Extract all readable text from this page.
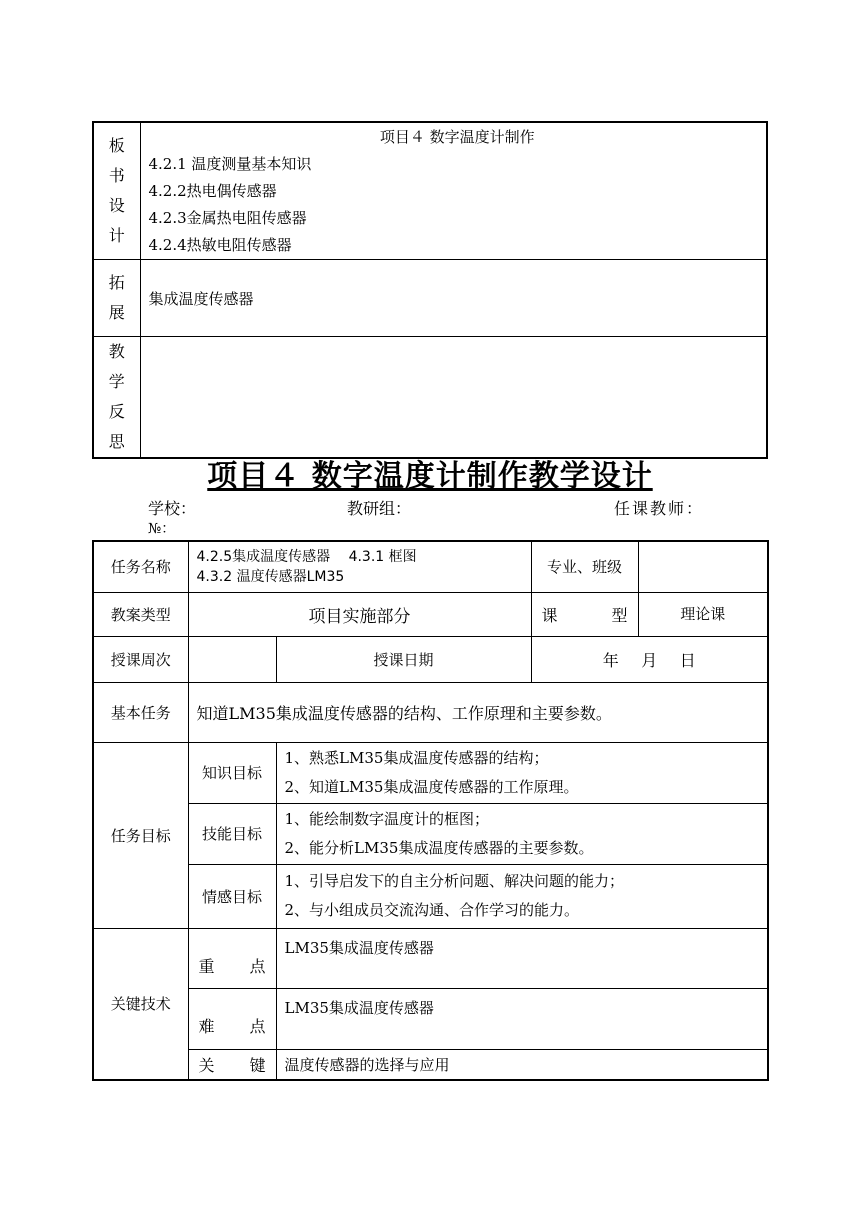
板书设计	项目４ 数字温度计制作
4.2.1 温度测量基本知识
4.2.2热电偶传感器
4.2.3金属热电阻传感器
4.2.4热敏电阻传感器

拓展	集成温度传感器

教学反思	

项目４ 数字温度计制作教学设计
学校：	教研组：	任课教师：
№：
任务名称	4.2.5集成温度传感器　 4.3.1 框图
4.3.2 温度传感器LM35		专业、班级	
教案类型	项目实施部分		课 型	理论课
授课周次		授课日期	年 月 日	

基本任务	知道LM35集成温度传感器的结构、工作原理和主要参数。			
任务目标	知识目标	1、熟悉LM35集成温度传感器的结构；
2、知道LM35集成温度传感器的工作原理。		

	技能目标	1、能绘制数字温度计的框图；
2、能分析LM35集成温度传感器的主要参数。		

	情感目标	1、引导启发下的自主分析问题、解决问题的能力；
2、与小组成员交流沟通、合作学习的能力。		

关键技术	重 点	LM35集成温度传感器		

	难 点	LM35集成温度传感器		

	关 键	温度传感器的选择与应用		
